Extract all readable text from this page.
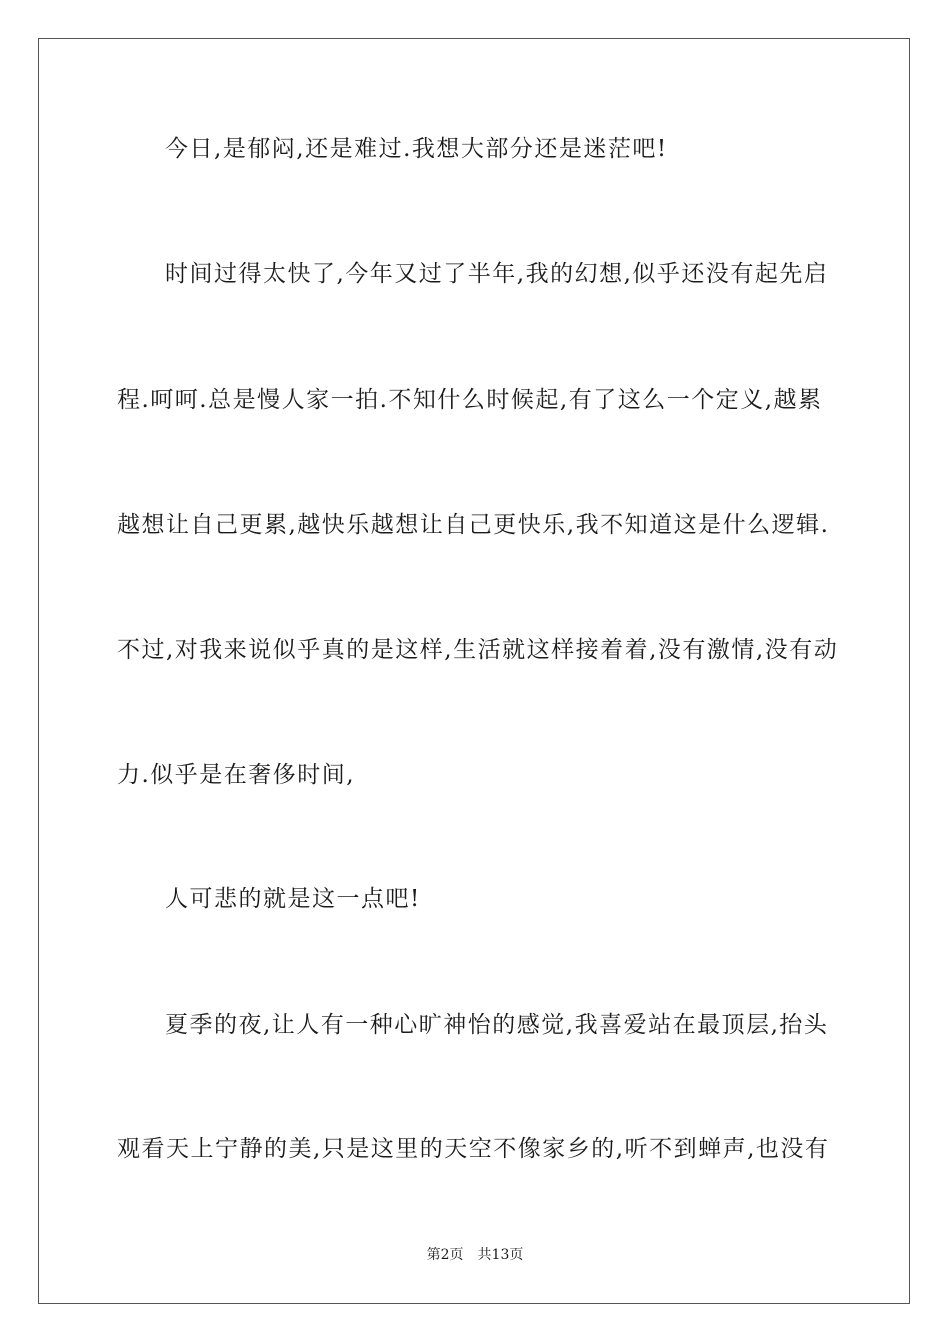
今日,是郁闷,还是难过.我想大部分还是迷茫吧!
时间过得太快了,今年又过了半年,我的幻想,似乎还没有起先启
程.呵呵.总是慢人家一拍.不知什么时候起,有了这么一个定义,越累
越想让自己更累,越快乐越想让自己更快乐,我不知道这是什么逻辑.
不过,对我来说似乎真的是这样,生活就这样接着着,没有激情,没有动
力.似乎是在奢侈时间,
人可悲的就是这一点吧!
夏季的夜,让人有一种心旷神怡的感觉,我喜爱站在最顶层,抬头
观看天上宁静的美,只是这里的天空不像家乡的,听不到蝉声,也没有
第2页 共13页
